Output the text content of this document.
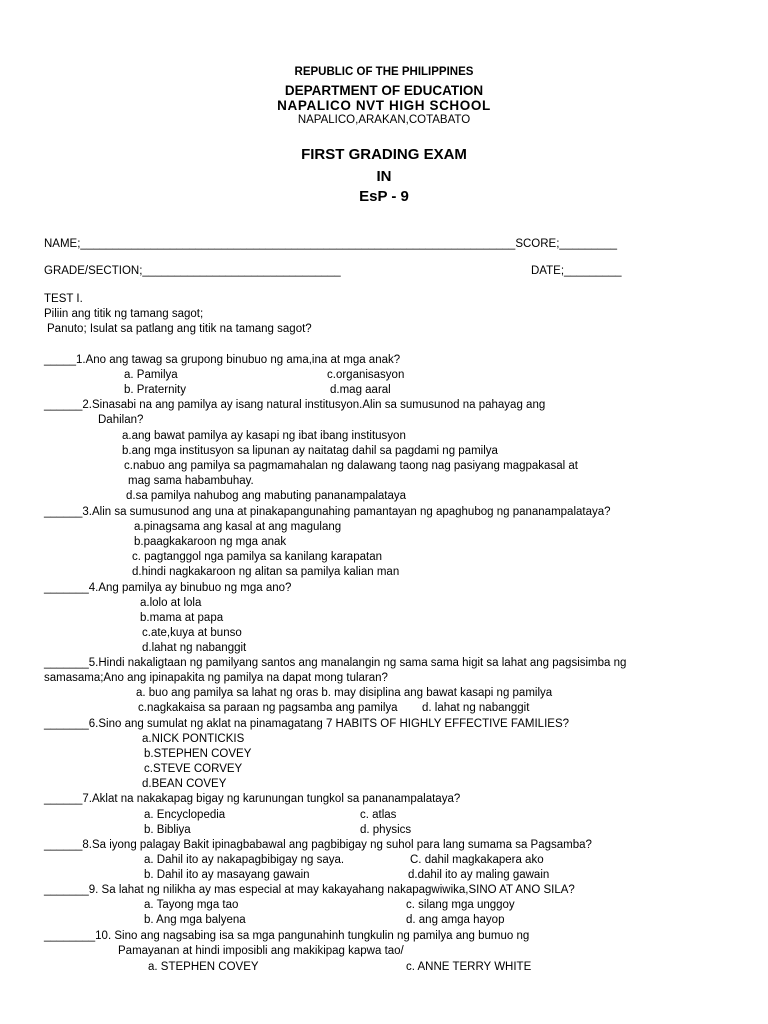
REPUBLIC OF THE PHILIPPINES
DEPARTMENT OF EDUCATION
NAPALICO NVT HIGH SCHOOL
NAPALICO,ARAKAN,COTABATO
FIRST GRADING EXAM
IN
EsP - 9
NAME;____________________________________________________________________SCORE;_________
GRADE/SECTION;_______________________________	DATE;_________
TEST I.
Piliin ang titik ng tamang sagot;
Panuto; Isulat sa patlang ang titik na tamang sagot?
_____1.Ano ang tawag sa grupong binubuo ng ama,ina at mga anak?
a. Pamilya	c.organisasyon
b. Praternity	d.mag aaral
______2.Sinasabi na ang pamilya ay isang natural institusyon.Alin sa sumusunod na pahayag ang
Dahilan?
a.ang bawat pamilya ay kasapi ng ibat ibang institusyon
b.ang mga institusyon sa lipunan ay naitatag dahil sa pagdami ng pamilya
c.nabuo ang pamilya sa pagmamahalan ng dalawang taong nag pasiyang magpakasal at
mag sama habambuhay.
d.sa pamilya nahubog ang mabuting pananampalataya
______3.Alin sa sumusunod ang una at pinakapangunahing pamantayan ng apaghubog ng pananampalataya?
a.pinagsama ang kasal at ang magulang
b.paagkakaroon ng mga anak
c. pagtanggol nga pamilya sa kanilang karapatan
d.hindi nagkakaroon ng alitan sa pamilya kalian man
_______4.Ang pamilya ay binubuo ng mga ano?
a.lolo at lola
b.mama at papa
c.ate,kuya at bunso
d.lahat ng nabanggit
_______5.Hindi nakaligtaan ng pamilyang santos ang manalangin ng sama sama higit sa lahat ang pagsisimba ng
samasama;Ano ang ipinapakita ng pamilya na dapat mong tularan?
a. buo ang pamilya sa lahat ng oras b. may disiplina ang bawat kasapi ng pamilya
c.nagkakaisa sa paraan ng pagsamba ang pamilya d. lahat ng nabanggit
_______6.Sino ang sumulat ng aklat na pinamagatang 7 HABITS OF HIGHLY EFFECTIVE FAMILIES?
a.NICK PONTICKIS
b.STEPHEN COVEY
c.STEVE CORVEY
d.BEAN COVEY
______7.Aklat na nakakapag bigay ng karunungan tungkol sa pananampalataya?
a. Encyclopedia	c. atlas
b. Bibliya	d. physics
______8.Sa iyong palagay Bakit ipinagbabawal ang pagbibigay ng suhol para lang sumama sa Pagsamba?
a. Dahil ito ay nakapagbibigay ng saya.	C. dahil magkakapera ako
b. Dahil ito ay masayang gawain	d.dahil ito ay maling gawain
_______9. Sa lahat ng nilikha ay mas especial at may kakayahang nakapagwiwika,SINO AT ANO SILA?
a. Tayong mga tao	c. silang mga unggoy
b. Ang mga balyena	d. ang amga hayop
________10. Sino ang nagsabing isa sa mga pangunahinh tungkulin ng pamilya ang bumuo ng
Pamayanan at hindi imposibli ang makikipag kapwa tao/
a. STEPHEN COVEY	c. ANNE TERRY WHITE
